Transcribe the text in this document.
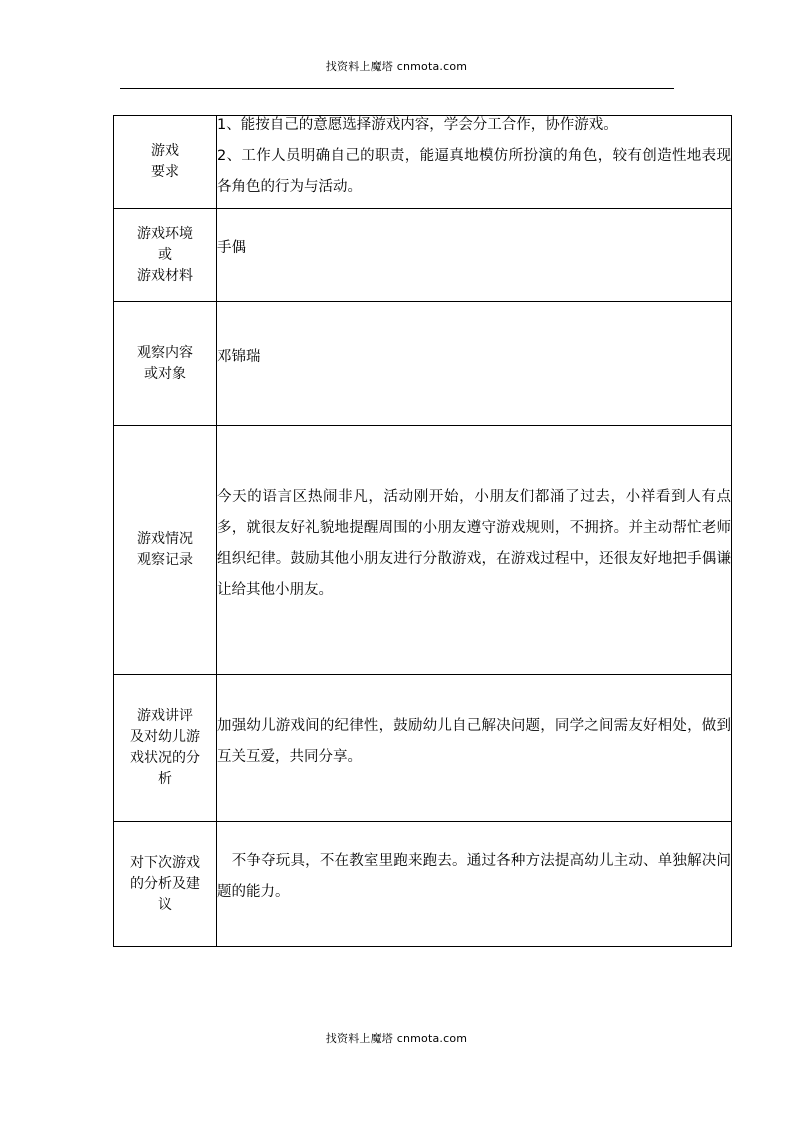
找资料上魔塔 cnmota.com
游戏
要求	1、能按自己的意愿选择游戏内容，学会分工合作，协作游戏。
2、工作人员明确自己的职责，能逼真地模仿所扮演的角色，较有创造性地表现各角色的行为与活动。

游戏环境
或
游戏材料	手偶

观察内容
或对象	邓锦瑞

游戏情况
观察记录	今天的语言区热闹非凡，活动刚开始，小朋友们都涌了过去，小祥看到人有点多，就很友好礼貌地提醒周围的小朋友遵守游戏规则，不拥挤。并主动帮忙老师组织纪律。鼓励其他小朋友进行分散游戏，在游戏过程中，还很友好地把手偶谦让给其他小朋友。

游戏讲评
及对幼儿游
戏状况的分
析	加强幼儿游戏间的纪律性，鼓励幼儿自己解决问题，同学之间需友好相处，做到互关互爱，共同分享。

对下次游戏
的分析及建
议	　不争夺玩具，不在教室里跑来跑去。通过各种方法提高幼儿主动、单独解决问题的能力。
找资料上魔塔 cnmota.com
